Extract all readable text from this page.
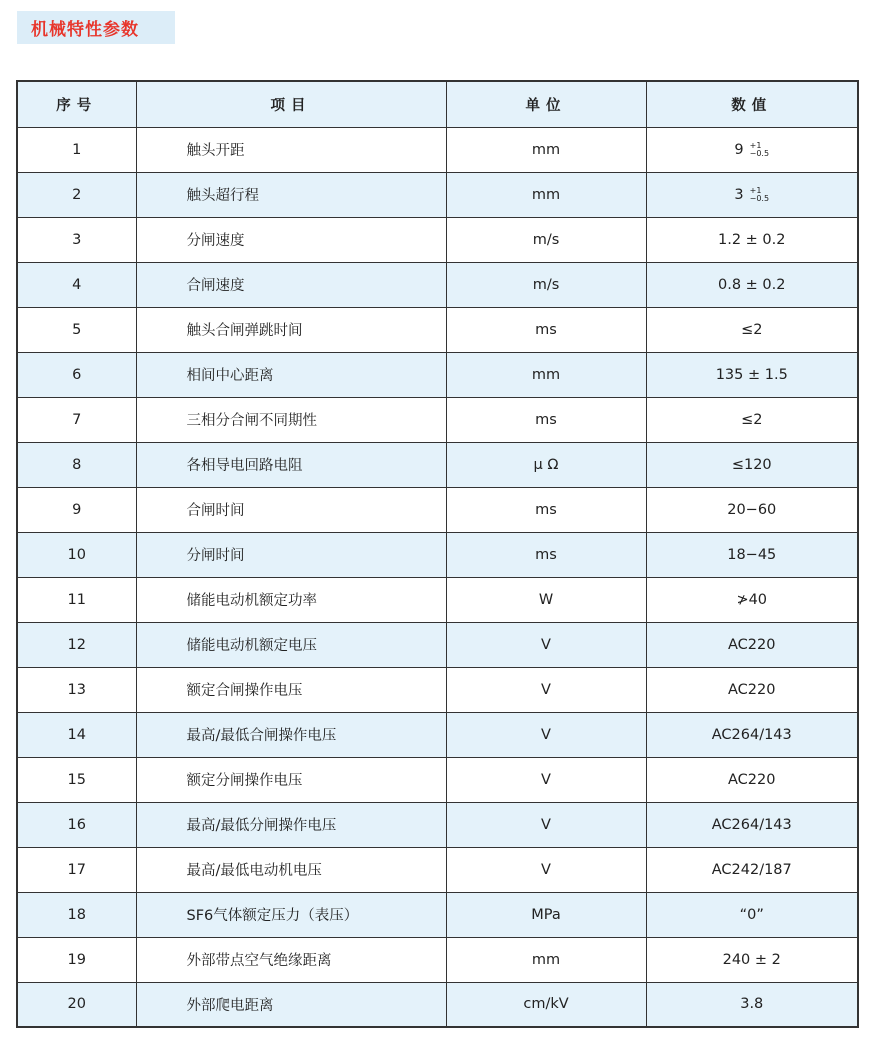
机械特性参数
序号	项目	单位	数值
1	触头开距	mm	9 +1
−0.5

2	触头超行程	mm	3 +1
−0.5

3	分闸速度	m/s	1.2 ± 0.2
4	合闸速度	m/s	0.8 ± 0.2
5	触头合闸弹跳时间	ms	≤2
6	相间中心距离	mm	135 ± 1.5
7	三相分合闸不同期性	ms	≤2
8	各相导电回路电阻	μ Ω	≤120
9	合闸时间	ms	20−60
10	分闸时间	ms	18−45
11	储能电动机额定功率	W	≯40
12	储能电动机额定电压	V	AC220
13	额定合闸操作电压	V	AC220
14	最高/最低合闸操作电压	V	AC264/143
15	额定分闸操作电压	V	AC220
16	最高/最低分闸操作电压	V	AC264/143
17	最高/最低电动机电压	V	AC242/187
18	SF6气体额定压力（表压）	MPa	“0”
19	外部带点空气绝缘距离	mm	240 ± 2
20	外部爬电距离	cm/kV	3.8
